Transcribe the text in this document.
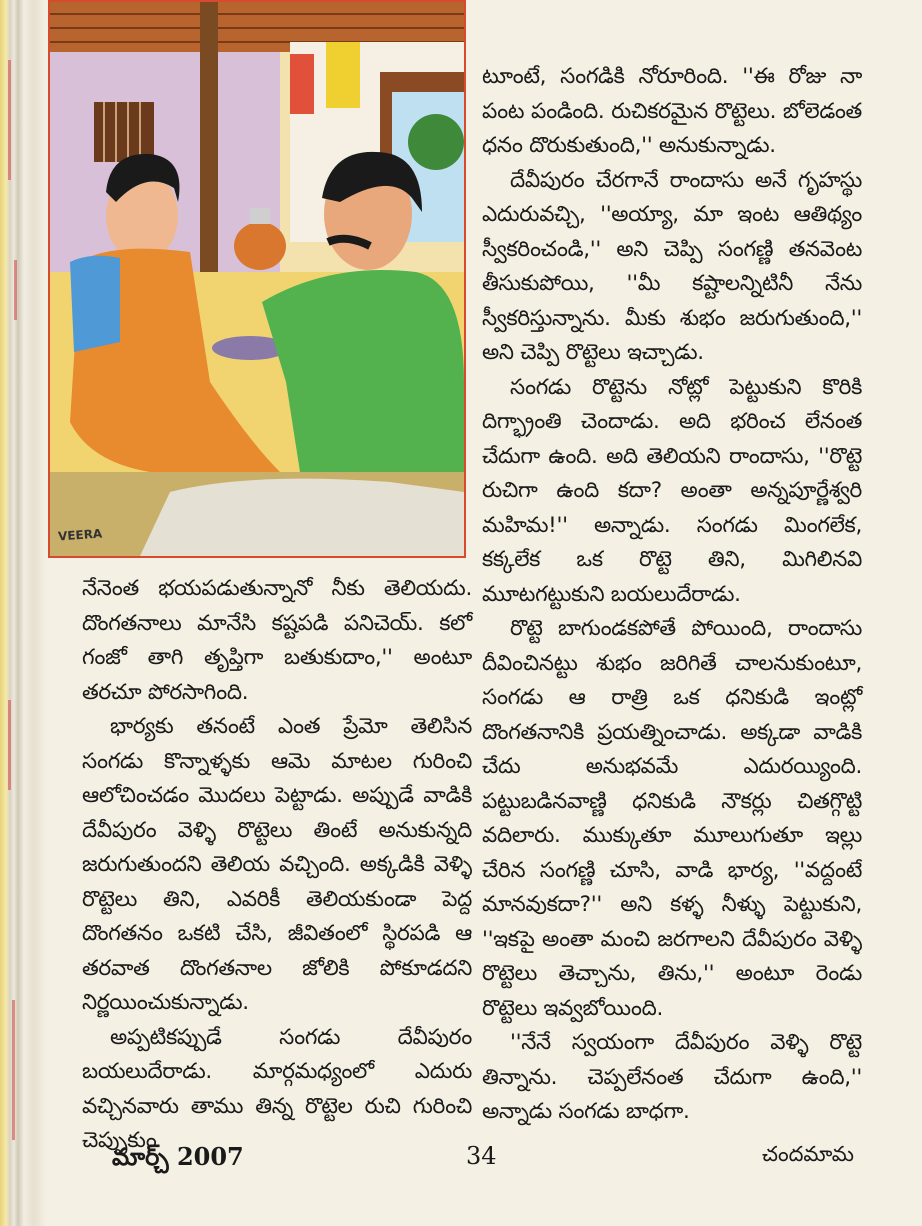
VEERA

టూంటే, సంగడికి నోరూరింది. ''ఈ రోజు నా పంట పండింది. రుచికరమైన రొట్టెలు. బోలెడంత ధనం దొరుకుతుంది,'' అనుకున్నాడు.

దేవీపురం చేరగానే రాందాసు అనే గృహస్థు ఎదురువచ్చి, ''అయ్యా, మా ఇంట ఆతిథ్యం స్వీకరించండి,'' అని చెప్పి సంగణ్ణి తనవెంట తీసుకుపోయి, ''మీ కష్టాలన్నిటినీ నేను స్వీకరిస్తున్నాను. మీకు శుభం జరుగుతుంది,'' అని చెప్పి రొట్టెలు ఇచ్చాడు.

సంగడు రొట్టెను నోట్లో పెట్టుకుని కొరికి దిగ్భ్రాంతి చెందాడు. అది భరించ లేనంత చేదుగా ఉంది. అది తెలియని రాందాసు, ''రొట్టె రుచిగా ఉంది కదా? అంతా అన్నపూర్ణేశ్వరి మహిమ!'' అన్నాడు. సంగడు మింగలేక, కక్కలేక ఒక రొట్టె తిని, మిగిలినవి మూటగట్టుకుని బయలుదేరాడు.

రొట్టె బాగుండకపోతే పోయింది, రాందాసు దీవించినట్టు శుభం జరిగితే చాలనుకుంటూ, సంగడు ఆ రాత్రి ఒక ధనికుడి ఇంట్లో దొంగతనానికి ప్రయత్నించాడు. అక్కడా వాడికి చేదు అనుభవమే ఎదురయ్యింది. పట్టుబడినవాణ్ణి ధనికుడి నౌకర్లు చితగ్గొట్టి వదిలారు. ముక్కుతూ మూలుగుతూ ఇల్లు చేరిన సంగణ్ణి చూసి, వాడి భార్య, ''వద్దంటే మానవుకదా?'' అని కళ్ళ నీళ్ళు పెట్టుకుని, ''ఇకపై అంతా మంచి జరగాలని దేవీపురం వెళ్ళి రొట్టెలు తెచ్చాను, తిను,'' అంటూ రెండు రొట్టెలు ఇవ్వబోయింది.

''నేనే స్వయంగా దేవీపురం వెళ్ళి రొట్టె తిన్నాను. చెప్పలేనంత చేదుగా ఉంది,'' అన్నాడు సంగడు బాధగా.

నేనెంత భయపడుతున్నానో నీకు తెలియదు. దొంగతనాలు మానేసి కష్టపడి పనిచెయ్. కలో గంజో తాగి తృప్తిగా బతుకుదాం,'' అంటూ తరచూ పోరసాగింది.

భార్యకు తనంటే ఎంత ప్రేమో తెలిసిన సంగడు కొన్నాళ్ళకు ఆమె మాటల గురించి ఆలోచించడం మొదలు పెట్టాడు. అప్పుడే వాడికి దేవీపురం వెళ్ళి రొట్టెలు తింటే అనుకున్నది జరుగుతుందని తెలియ వచ్చింది. అక్కడికి వెళ్ళి రొట్టెలు తిని, ఎవరికీ తెలియకుండా పెద్ద దొంగతనం ఒకటి చేసి, జీవితంలో స్థిరపడి ఆ తరవాత దొంగతనాల జోలికి పోకూడదని నిర్ణయించుకున్నాడు.

అప్పటికప్పుడే సంగడు దేవీపురం బయలుదేరాడు. మార్గమధ్యంలో ఎదురు వచ్చినవారు తాము తిన్న రొట్టెల రుచి గురించి చెప్పుకుం

మార్చ్ 2007	34	చందమామ
